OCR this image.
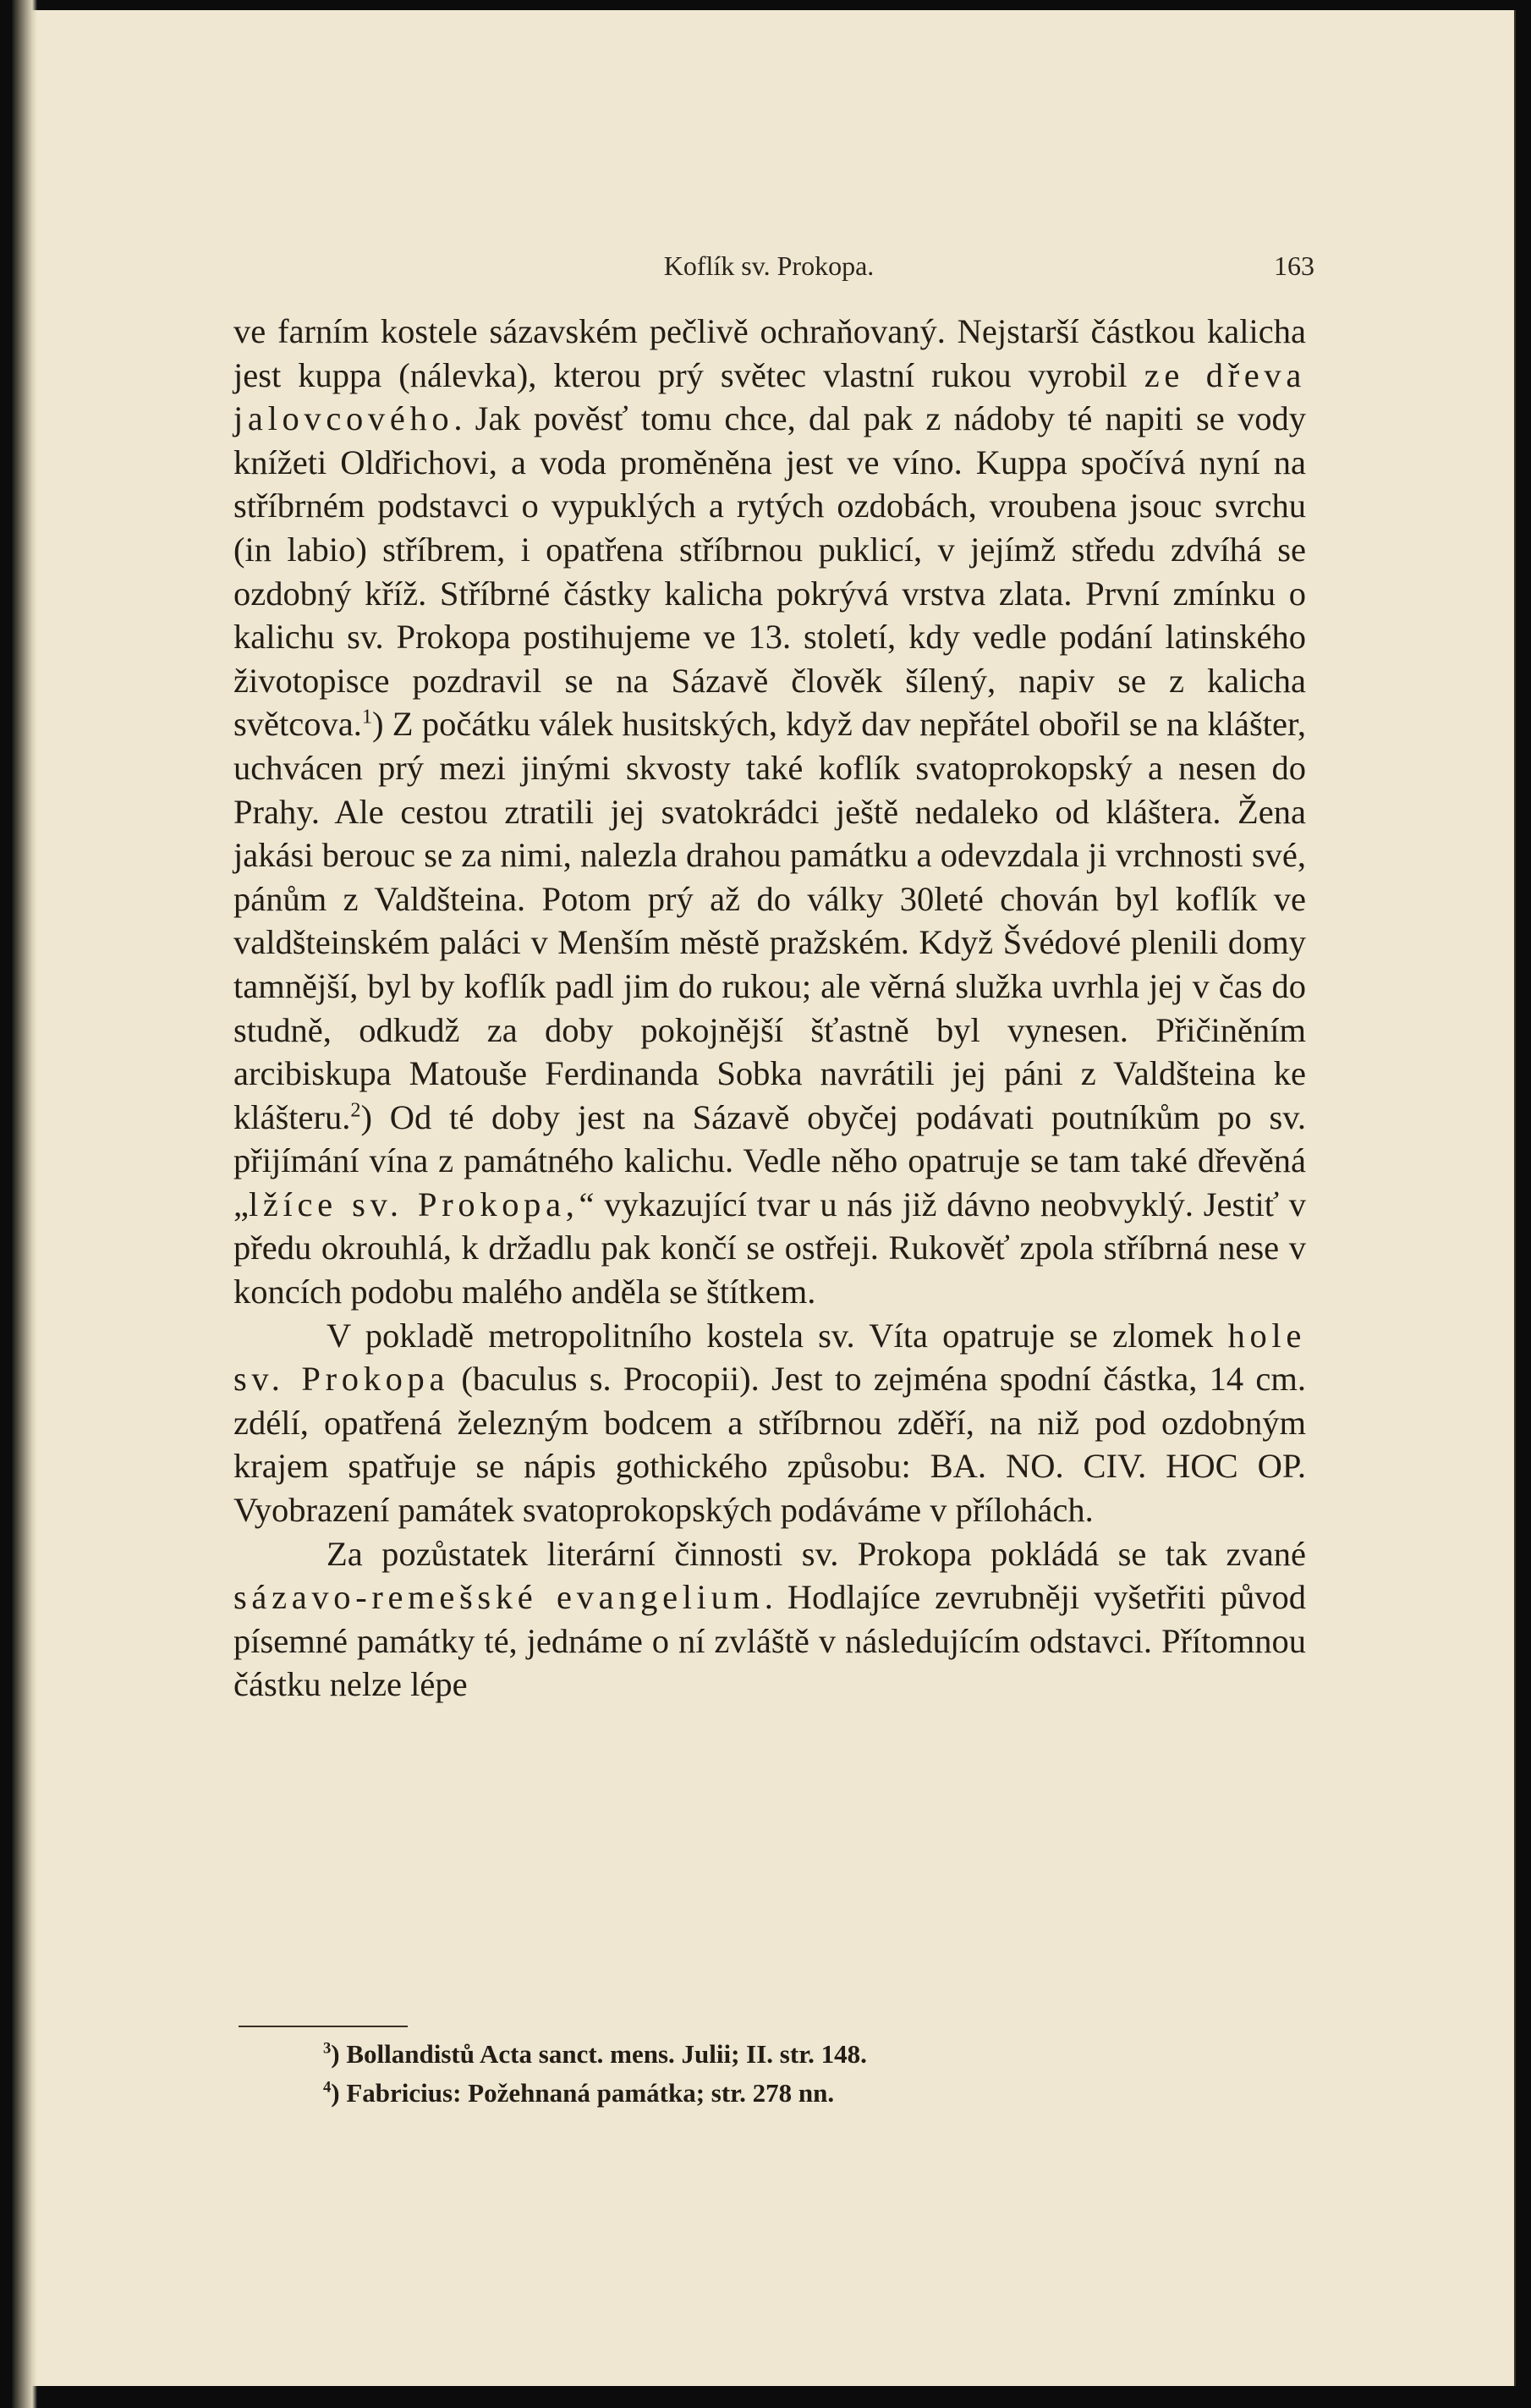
Koflík sv. Prokopa.	163

ve farním kostele sázavském pečlivě ochraňovaný. Nejstarší částkou kalicha jest kuppa (nálevka), kterou prý světec vlastní rukou vyrobil ze dřeva jalovcového. Jak pověsť tomu chce, dal pak z nádoby té napiti se vody knížeti Oldřichovi, a voda proměněna jest ve víno. Kuppa spočívá nyní na stříbrném podstavci o vypuklých a rytých ozdobách, vroubena jsouc svrchu (in labio) stříbrem, i opatřena stříbrnou puklicí, v jejímž středu zdvíhá se ozdobný kříž. Stříbrné částky kalicha pokrývá vrstva zlata. První zmínku o kalichu sv. Prokopa postihujeme ve 13. století, kdy vedle podání latinského životopisce pozdravil se na Sázavě člověk šílený, napiv se z kalicha světcova.$^1$) Z počátku válek husitských, když dav nepřátel obořil se na klášter, uchvácen prý mezi jinými skvosty také koflík svatoprokopský a nesen do Prahy. Ale cestou ztratili jej svatokrádci ještě nedaleko od kláštera. Žena jakási berouc se za nimi, nalezla drahou památku a odevzdala ji vrchnosti své, pánům z Valdšteina. Potom prý až do války 30leté chován byl koflík ve valdšteinském paláci v Menším městě pražském. Když Švédové plenili domy tamnější, byl by koflík padl jim do rukou; ale věrná služka uvrhla jej v čas do studně, odkudž za doby pokojnější šťastně byl vynesen. Přičiněním arcibiskupa Matouše Ferdinanda Sobka navrátili jej páni z Valdšteina ke klášteru.$^2$) Od té doby jest na Sázavě obyčej podávati poutníkům po sv. přijímání vína z památného kalichu. Vedle něho opatruje se tam také dřevěná „lžíce sv. Prokopa,“ vykazující tvar u nás již dávno neobvyklý. Jestiť v předu okrouhlá, k držadlu pak končí se ostřeji. Rukověť zpola stříbrná nese v koncích podobu malého anděla se štítkem.

V pokladě metropolitního kostela sv. Víta opatruje se zlomek hole sv. Prokopa (baculus s. Procopii). Jest to zejména spodní částka, 14 cm. zdélí, opatřená železným bodcem a stříbrnou zděří, na niž pod ozdobným krajem spatřuje se nápis gothického způsobu: BA. NO. CIV. HOC OP. Vyobrazení památek svatoprokopských podáváme v přílohách.

Za pozůstatek literární činnosti sv. Prokopa pokládá se tak zvané sázavo-remešské evangelium. Hodlajíce zevrubněji vyšetřiti původ písemné památky té, jednáme o ní zvláště v následujícím odstavci. Přítomnou částku nelze lépe

$^3$) Bollandistů Acta sanct. mens. Julii; II. str. 148.
$^4$) Fabricius: Požehnaná památka; str. 278 nn.
